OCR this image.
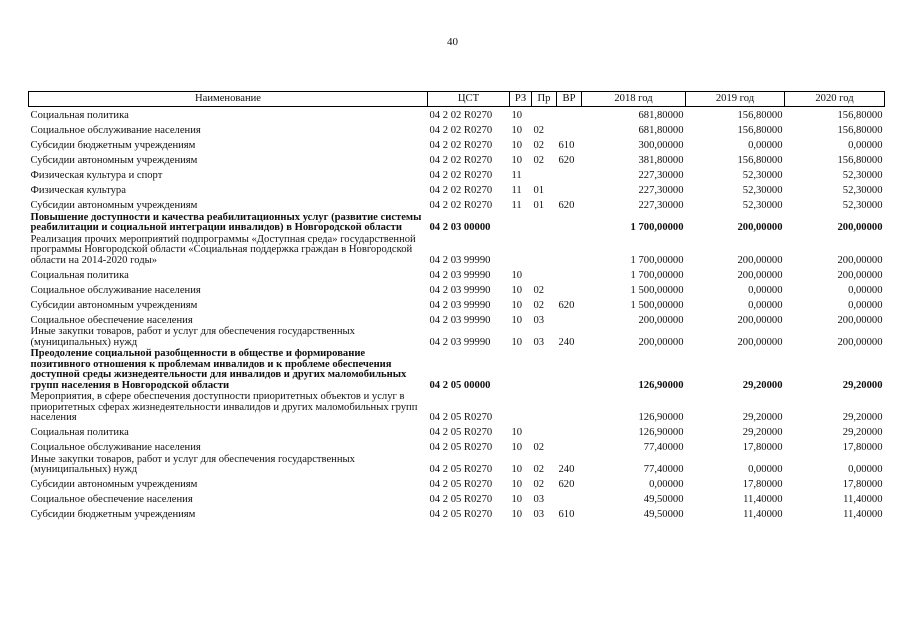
40
Наименование	ЦСТ	РЗ	Пр	ВР	2018 год	2019 год	2020 год
Социальная политика	04 2 02 R0270	10			681,80000	156,80000	156,80000
Социальное обслуживание населения	04 2 02 R0270	10	02		681,80000	156,80000	156,80000
Субсидии бюджетным учреждениям	04 2 02 R0270	10	02	610	300,00000	0,00000	0,00000
Субсидии автономным учреждениям	04 2 02 R0270	10	02	620	381,80000	156,80000	156,80000
Физическая культура и спорт	04 2 02 R0270	11			227,30000	52,30000	52,30000
Физическая культура	04 2 02 R0270	11	01		227,30000	52,30000	52,30000
Субсидии автономным учреждениям	04 2 02 R0270	11	01	620	227,30000	52,30000	52,30000
Повышение доступности и качества реабилитационных услуг (развитие системы реабилитации и социальной интеграции инвалидов) в Новгородской области	04 2 03 00000				1 700,00000	200,00000	200,00000
Реализация прочих мероприятий подпрограммы «Доступная среда» государственной программы Новгородской области «Социальная поддержка граждан в Новгородской области на 2014-2020 годы»	04 2 03 99990				1 700,00000	200,00000	200,00000
Социальная политика	04 2 03 99990	10			1 700,00000	200,00000	200,00000
Социальное обслуживание населения	04 2 03 99990	10	02		1 500,00000	0,00000	0,00000
Субсидии автономным учреждениям	04 2 03 99990	10	02	620	1 500,00000	0,00000	0,00000
Социальное обеспечение населения	04 2 03 99990	10	03		200,00000	200,00000	200,00000
Иные закупки товаров, работ и услуг для обеспечения государственных (муниципальных) нужд	04 2 03 99990	10	03	240	200,00000	200,00000	200,00000
Преодоление социальной разобщенности в обществе и формирование позитивного отношения к проблемам инвалидов и к проблеме обеспечения доступной среды жизнедеятельности для инвалидов и других маломобильных групп населения в Новгородской области	04 2 05 00000				126,90000	29,20000	29,20000
Мероприятия, в сфере обеспечения доступности приоритетных объектов и услуг в приоритетных сферах жизнедеятельности инвалидов и других маломобильных групп населения	04 2 05 R0270				126,90000	29,20000	29,20000
Социальная политика	04 2 05 R0270	10			126,90000	29,20000	29,20000
Социальное обслуживание населения	04 2 05 R0270	10	02		77,40000	17,80000	17,80000
Иные закупки товаров, работ и услуг для обеспечения государственных (муниципальных) нужд	04 2 05 R0270	10	02	240	77,40000	0,00000	0,00000
Субсидии автономным учреждениям	04 2 05 R0270	10	02	620	0,00000	17,80000	17,80000
Социальное обеспечение населения	04 2 05 R0270	10	03		49,50000	11,40000	11,40000
Субсидии бюджетным учреждениям	04 2 05 R0270	10	03	610	49,50000	11,40000	11,40000
